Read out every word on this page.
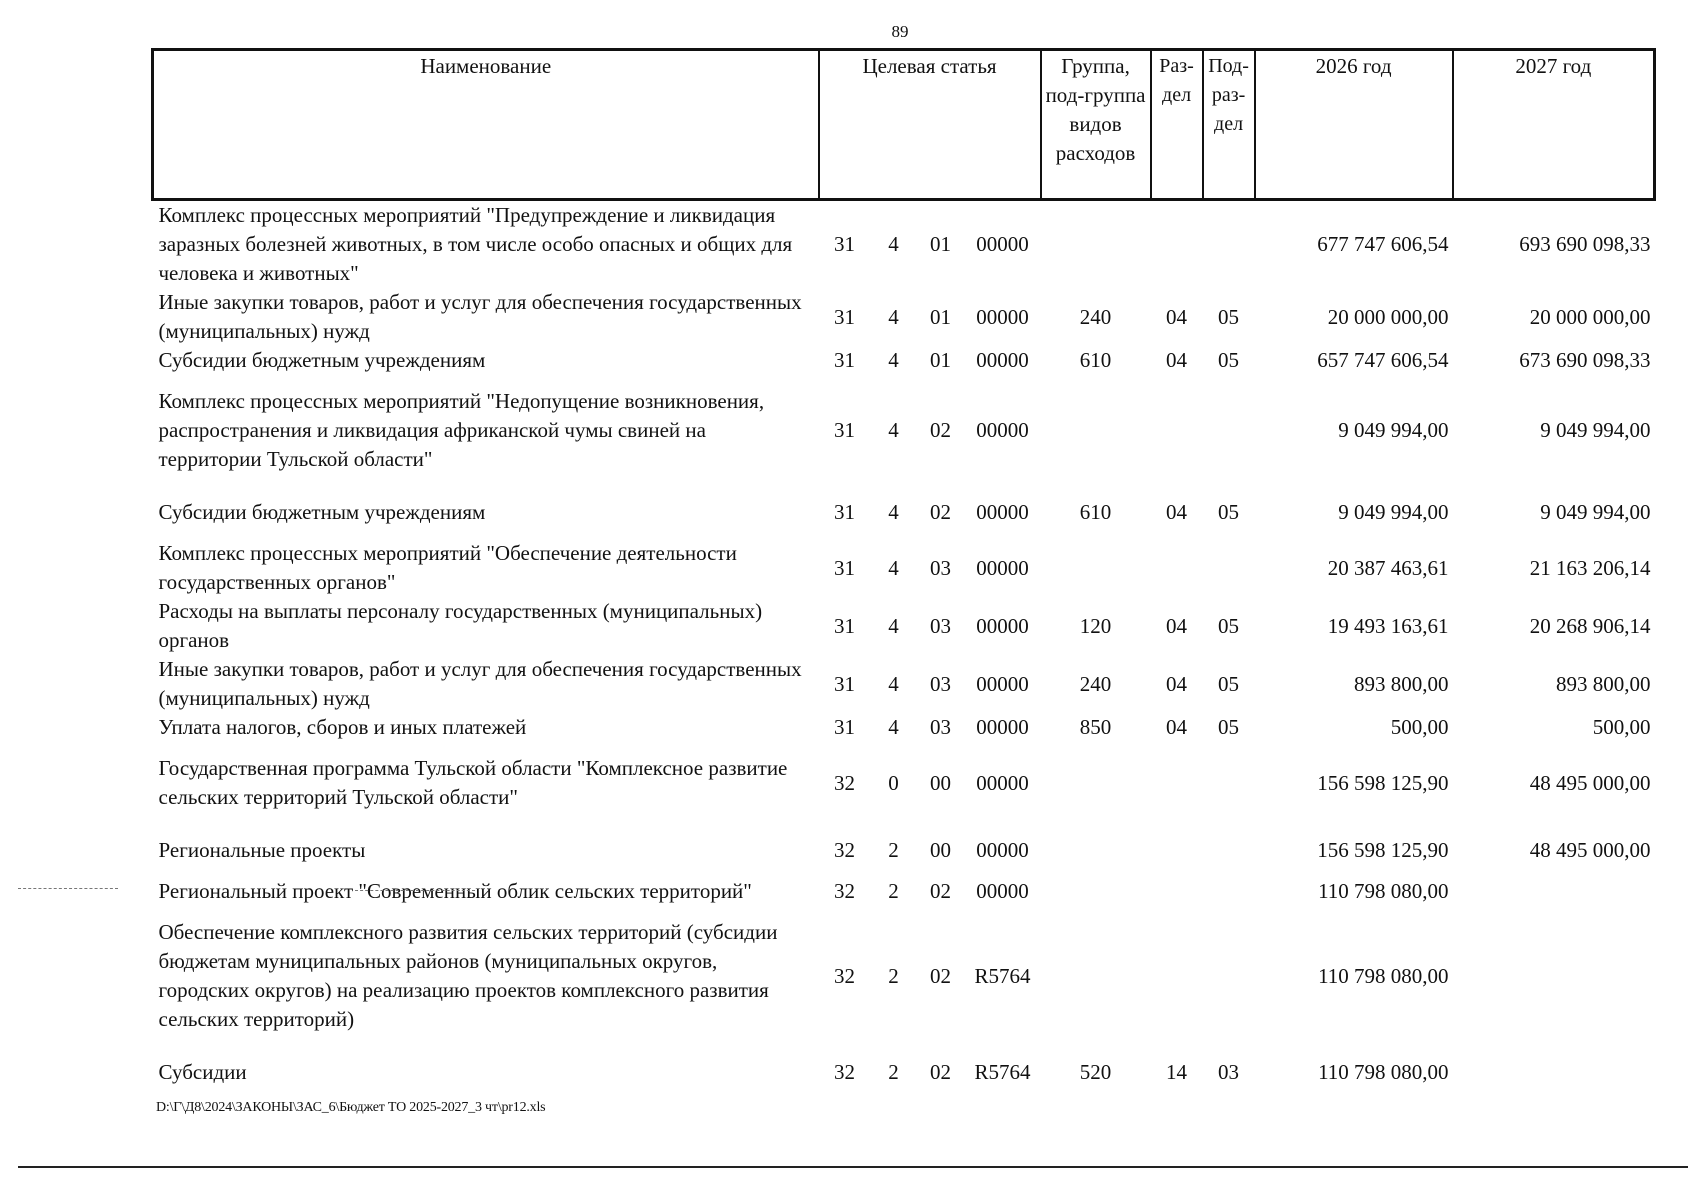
89
Наименование	Целевая статья				Группа, под-группа видов расходов	Раз-дел	Под-раз-дел	2026 год	2027 год
Комплекс процессных мероприятий "Предупреждение и ликвидация заразных болезней животных, в том числе особо опасных и общих для человека и животных"	31	4	01	00000				677 747 606,54	693 690 098,33
Иные закупки товаров, работ и услуг для обеспечения государственных (муниципальных) нужд	31	4	01	00000	240	04	05	20 000 000,00	20 000 000,00
Субсидии бюджетным учреждениям	31	4	01	00000	610	04	05	657 747 606,54	673 690 098,33
Комплекс процессных мероприятий "Недопущение возникновения, распространения и ликвидация африканской чумы свиней на территории Тульской области"	31	4	02	00000				9 049 994,00	9 049 994,00
Субсидии бюджетным учреждениям	31	4	02	00000	610	04	05	9 049 994,00	9 049 994,00
Комплекс процессных мероприятий "Обеспечение деятельности государственных органов"	31	4	03	00000				20 387 463,61	21 163 206,14
Расходы на выплаты персоналу государственных (муниципальных) органов	31	4	03	00000	120	04	05	19 493 163,61	20 268 906,14
Иные закупки товаров, работ и услуг для обеспечения государственных (муниципальных) нужд	31	4	03	00000	240	04	05	893 800,00	893 800,00
Уплата налогов, сборов и иных платежей	31	4	03	00000	850	04	05	500,00	500,00
Государственная программа Тульской области "Комплексное развитие сельских территорий Тульской области"	32	0	00	00000				156 598 125,90	48 495 000,00
Региональные проекты	32	2	00	00000				156 598 125,90	48 495 000,00
Региональный проект "Современный облик сельских территорий"	32	2	02	00000				110 798 080,00	
Обеспечение комплексного развития сельских территорий (субсидии бюджетам муниципальных районов (муниципальных округов, городских округов) на реализацию проектов комплексного развития сельских территорий)	32	2	02	R5764				110 798 080,00	
Субсидии	32	2	02	R5764	520	14	03	110 798 080,00	
D:\Г\Д8\2024\ЗАКОНЫ\ЗАС_6\Бюджет ТО 2025-2027_3 чт\pr12.xls
